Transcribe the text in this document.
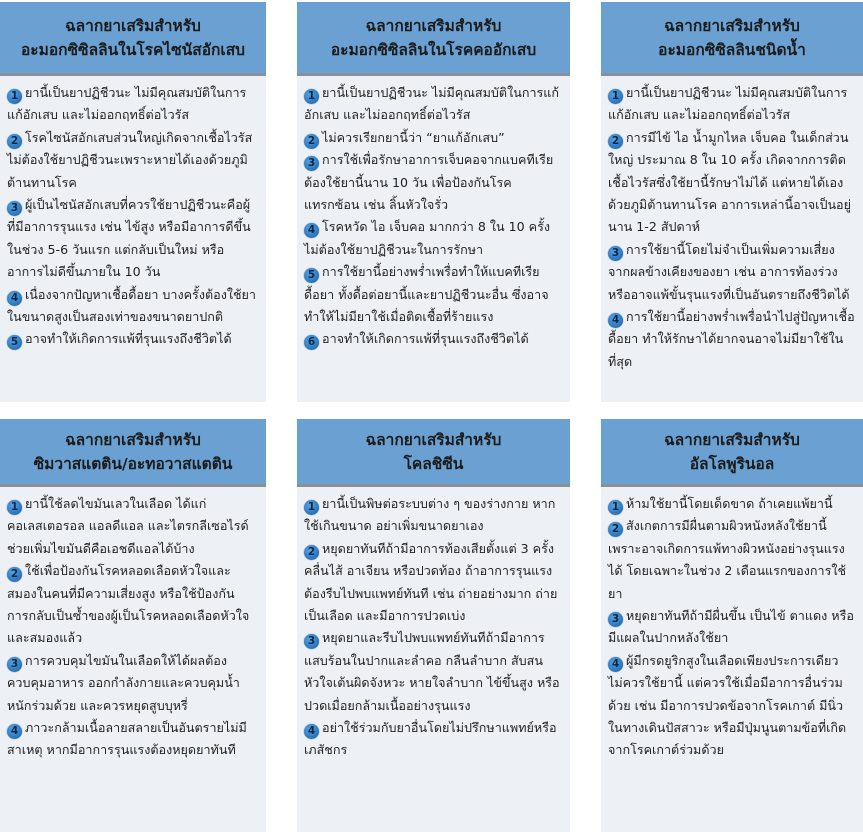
ฉลากยาเสริมสำหรับ
อะมอกซิซิลลินในโรคไซนัสอักเสบ

1 ยานี้เป็นยาปฏิชีวนะ ไม่มีคุณสมบัติในการแก้อักเสบ และไม่ออกฤทธิ์ต่อไวรัส

2 โรคไซนัสอักเสบส่วนใหญ่เกิดจากเชื้อไวรัส ไม่ต้องใช้ยาปฏิชีวนะเพราะหายได้เองด้วยภูมิต้านทานโรค

3 ผู้เป็นไซนัสอักเสบที่ควรใช้ยาปฏิชีวนะคือผู้ที่มีอาการรุนแรง เช่น ไข้สูง หรือมีอาการดีขึ้นในช่วง 5-6 วันแรก แต่กลับเป็นใหม่ หรืออาการไม่ดีขึ้นภายใน 10 วัน

4 เนื่องจากปัญหาเชื้อดื้อยา บางครั้งต้องใช้ยาในขนาดสูงเป็นสองเท่าของขนาดยาปกติ

5 อาจทำให้เกิดการแพ้ที่รุนแรงถึงชีวิตได้

ฉลากยาเสริมสำหรับ
อะมอกซิซิลลินในโรคคออักเสบ

1 ยานี้เป็นยาปฏิชีวนะ ไม่มีคุณสมบัติในการแก้อักเสบ และไม่ออกฤทธิ์ต่อไวรัส

2 ไม่ควรเรียกยานี้ว่า “ยาแก้อักเสบ”

3 การใช้เพื่อรักษาอาการเจ็บคอจากแบคทีเรียต้องใช้ยานี้นาน 10 วัน เพื่อป้องกันโรคแทรกซ้อน เช่น ลิ้นหัวใจรั่ว

4 โรคหวัด ไอ เจ็บคอ มากกว่า 8 ใน 10 ครั้ง ไม่ต้องใช้ยาปฏิชีวนะในการรักษา

5 การใช้ยานี้อย่างพร่ำเพรื่อทำให้แบคทีเรียดื้อยา ทั้งดื้อต่อยานี้และยาปฏิชีวนะอื่น ซึ่งอาจทำให้ไม่มียาใช้เมื่อติดเชื้อที่ร้ายแรง

6 อาจทำให้เกิดการแพ้ที่รุนแรงถึงชีวิตได้

ฉลากยาเสริมสำหรับ
อะมอกซิซิลลินชนิดน้ำ

1 ยานี้เป็นยาปฏิชีวนะ ไม่มีคุณสมบัติในการแก้อักเสบ และไม่ออกฤทธิ์ต่อไวรัส

2 การมีไข้ ไอ น้ำมูกไหล เจ็บคอ ในเด็กส่วนใหญ่ ประมาณ 8 ใน 10 ครั้ง เกิดจากการติดเชื้อไวรัสซึ่งใช้ยานี้รักษาไม่ได้ แต่หายได้เองด้วยภูมิต้านทานโรค อาการเหล่านี้อาจเป็นอยู่นาน 1-2 สัปดาห์

3 การใช้ยานี้โดยไม่จำเป็นเพิ่มความเสี่ยงจากผลข้างเคียงของยา เช่น อาการท้องร่วง หรืออาจแพ้ขั้นรุนแรงที่เป็นอันตรายถึงชีวิตได้

4 การใช้ยานี้อย่างพร่ำเพรื่อนำไปสู่ปัญหาเชื้อดื้อยา ทำให้รักษาได้ยากจนอาจไม่มียาใช้ในที่สุด

ฉลากยาเสริมสำหรับ
ซิมวาสแตติน/อะทอวาสแตติน

1 ยานี้ใช้ลดไขมันเลวในเลือด ได้แก่ คอเลสเตอรอล แอลดีแอล และไตรกลีเซอไรด์ ช่วยเพิ่มไขมันดีคือเอชดีแอลได้บ้าง

2 ใช้เพื่อป้องกันโรคหลอดเลือดหัวใจและสมองในคนที่มีความเสี่ยงสูง หรือใช้ป้องกันการกลับเป็นซ้ำของผู้เป็นโรคหลอดเลือดหัวใจและสมองแล้ว

3 การควบคุมไขมันในเลือดให้ได้ผลต้องควบคุมอาหาร ออกกำลังกายและควบคุมน้ำหนักร่วมด้วย และควรหยุดสูบบุหรี่

4 ภาวะกล้ามเนื้อลายสลายเป็นอันตรายไม่มีสาเหตุ หากมีอาการรุนแรงต้องหยุดยาทันที

ฉลากยาเสริมสำหรับ
โคลชิซีน

1 ยานี้เป็นพิษต่อระบบต่าง ๆ ของร่างกาย หากใช้เกินขนาด อย่าเพิ่มขนาดยาเอง

2 หยุดยาทันทีถ้ามีอาการท้องเสียตั้งแต่ 3 ครั้ง คลื่นไส้ อาเจียน หรือปวดท้อง ถ้าอาการรุนแรงต้องรีบไปพบแพทย์ทันที เช่น ถ่ายอย่างมาก ถ่ายเป็นเลือด และมีอาการปวดเบ่ง

3 หยุดยาและรีบไปพบแพทย์ทันทีถ้ามีอาการแสบร้อนในปากและลำคอ กลืนลำบาก สับสน หัวใจเต้นผิดจังหวะ หายใจลำบาก ไข้ขึ้นสูง หรือปวดเมื่อยกล้ามเนื้ออย่างรุนแรง

4 อย่าใช้ร่วมกับยาอื่นโดยไม่ปรึกษาแพทย์หรือเภสัชกร

ฉลากยาเสริมสำหรับ
อัลโลพูรินอล

1 ห้ามใช้ยานี้โดยเด็ดขาด ถ้าเคยแพ้ยานี้

2 สังเกตการมีผื่นตามผิวหนังหลังใช้ยานี้ เพราะอาจเกิดการแพ้ทางผิวหนังอย่างรุนแรงได้ โดยเฉพาะในช่วง 2 เดือนแรกของการใช้ยา

3 หยุดยาทันทีถ้ามีผื่นขึ้น เป็นไข้ ตาแดง หรือมีแผลในปากหลังใช้ยา

4 ผู้มีกรดยูริกสูงในเลือดเพียงประการเดียว ไม่ควรใช้ยานี้ แต่ควรใช้เมื่อมีอาการอื่นร่วมด้วย เช่น มีอาการปวดข้อจากโรคเกาต์ มีนิ่วในทางเดินปัสสาวะ หรือมีปุ่มนูนตามข้อที่เกิดจากโรคเกาต์ร่วมด้วย
